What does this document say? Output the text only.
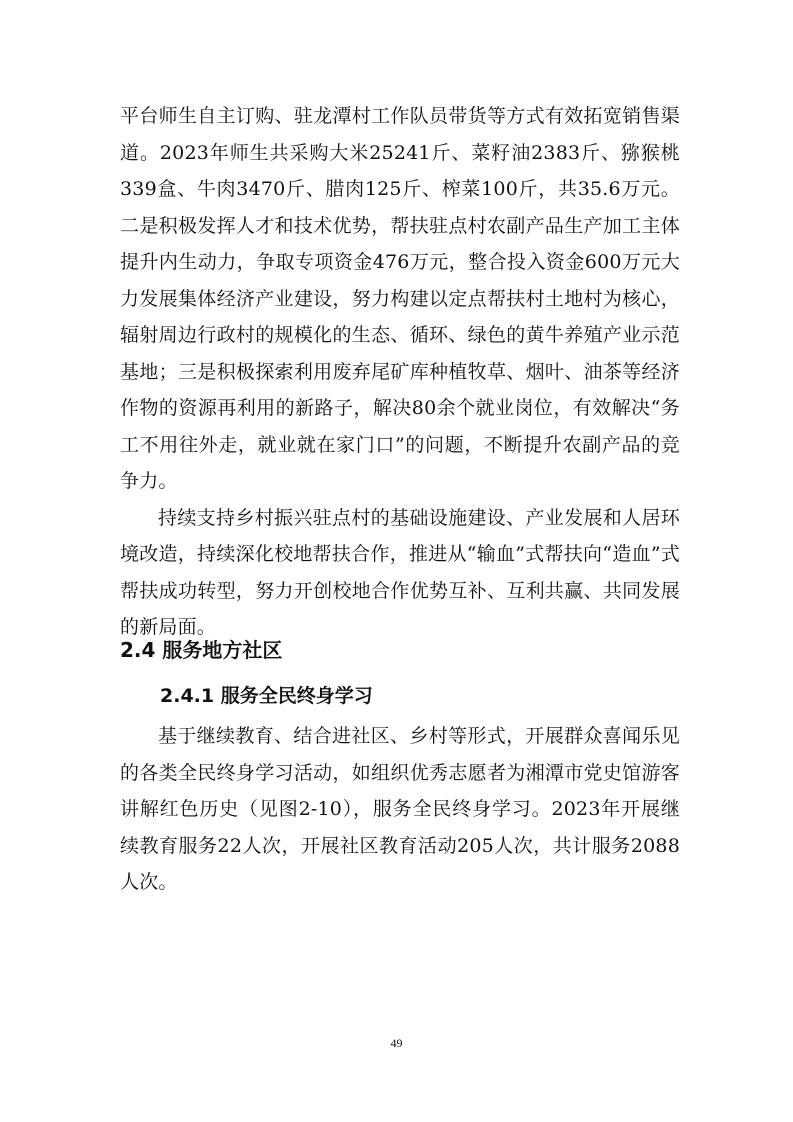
平台师生自主订购、驻龙潭村工作队员带货等方式有效拓宽销售渠道。2023年师生共采购大米25241斤、菜籽油2383斤、猕猴桃339盒、牛肉3470斤、腊肉125斤、榨菜100斤，共35.6万元。二是积极发挥人才和技术优势，帮扶驻点村农副产品生产加工主体提升内生动力，争取专项资金476万元，整合投入资金600万元大力发展集体经济产业建设，努力构建以定点帮扶村土地村为核心，辐射周边行政村的规模化的生态、循环、绿色的黄牛养殖产业示范基地；三是积极探索利用废弃尾矿库种植牧草、烟叶、油茶等经济作物的资源再利用的新路子，解决80余个就业岗位，有效解决“务工不用往外走，就业就在家门口”的问题，不断提升农副产品的竞争力。

持续支持乡村振兴驻点村的基础设施建设、产业发展和人居环境改造，持续深化校地帮扶合作，推进从“输血”式帮扶向“造血”式帮扶成功转型，努力开创校地合作优势互补、互利共赢、共同发展的新局面。

2.4 服务地方社区
2.4.1 服务全民终身学习

基于继续教育、结合进社区、乡村等形式，开展群众喜闻乐见的各类全民终身学习活动，如组织优秀志愿者为湘潭市党史馆游客讲解红色历史（见图2-10），服务全民终身学习。2023年开展继续教育服务22人次，开展社区教育活动205人次，共计服务2088人次。

49
